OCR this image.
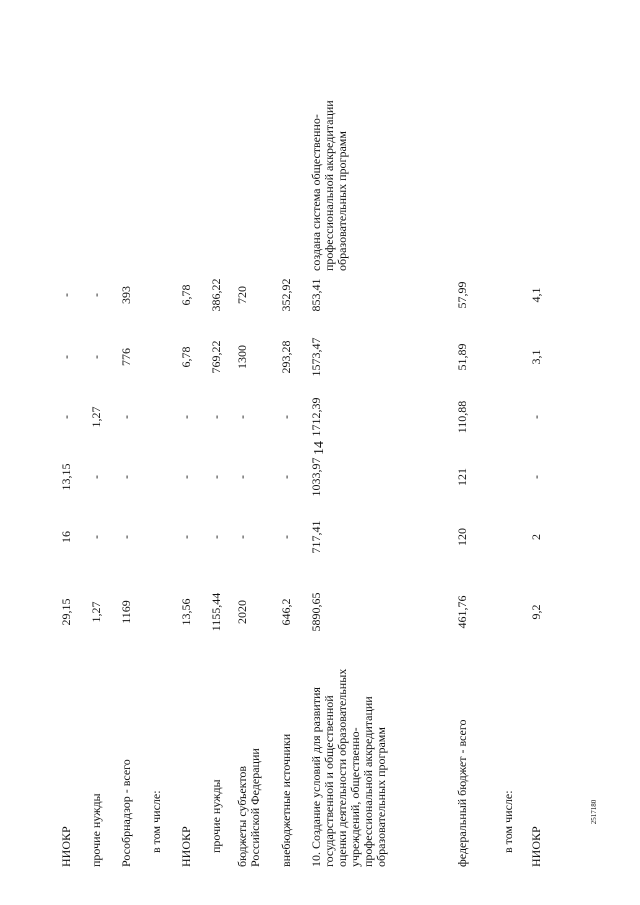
14
2517180
НИОКР
29,15
16
13,15
-
-
-
прочие нужды
1,27
-
-
1,27
-
-
Рособрнадзор - всего
1169
-
-
-
776
393
в том числе: НИОКР
13,56
-
-
-
6,78
6,78
прочие нужды
1155,44
-
-
-
769,22
386,22
бюджеты субъектов Российской Федерации
2020
-
-
-
1300
720
внебюджетные источники
646,2
-
-
-
293,28
352,92
10. Создание условий для развития государственной и общественной оценки деятельности образовательных учреждений, общественно-профессиональной аккредитации образовательных программ
5890,65
717,41
1033,97
1712,39
1573,47
853,41
создана система общественно-профессиональной аккредитации образовательных программ
федеральный бюджет - всего
461,76
120
121
110,88
51,89
57,99
в том числе: НИОКР
9,2
2
-
-
3,1
4,1
